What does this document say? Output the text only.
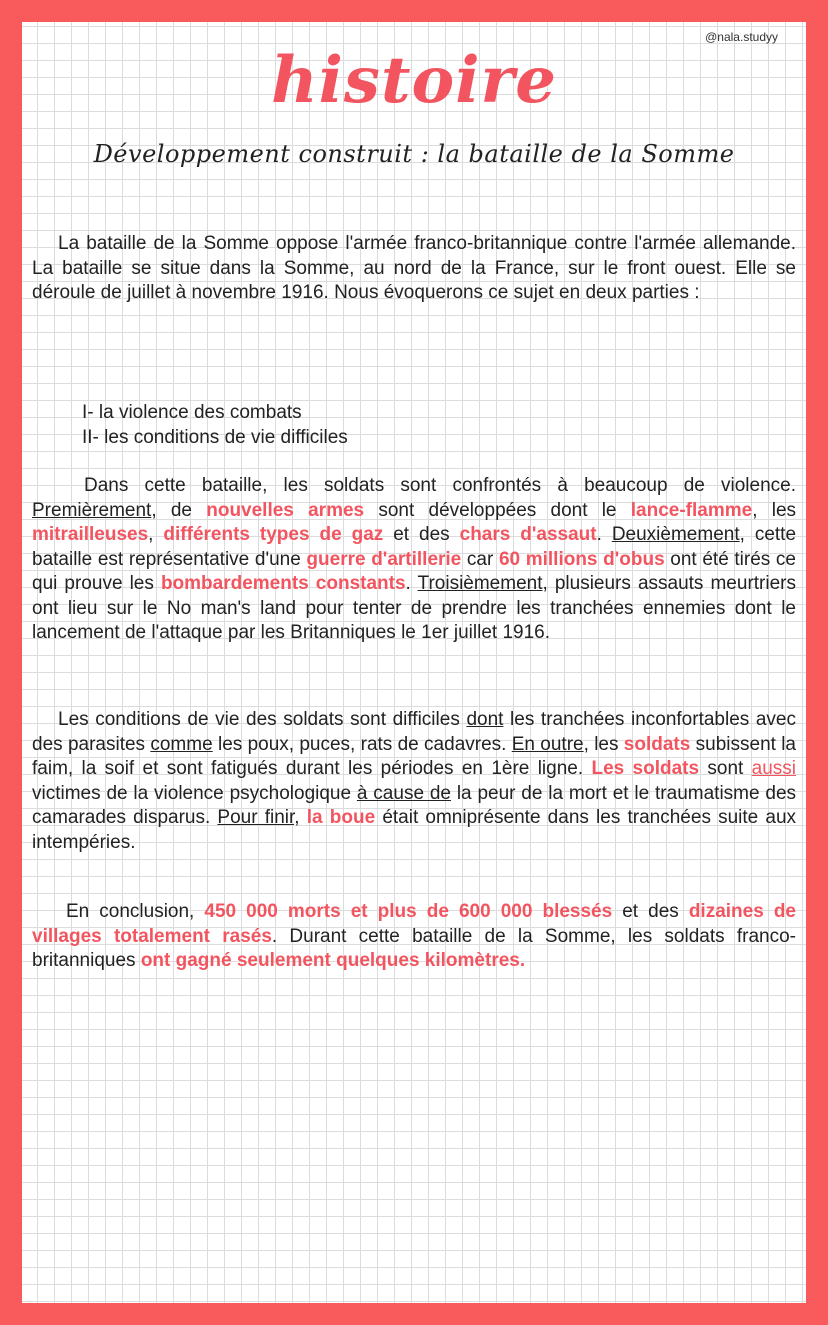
@nala.studyy
histoire
Développement construit : la bataille de la Somme

La bataille de la Somme oppose l'armée franco-britannique contre l'armée allemande. La bataille se situe dans la Somme, au nord de la France, sur le front ouest. Elle se déroule de juillet à novembre 1916. Nous évoquerons ce sujet en deux parties :

I- la violence des combats
II- les conditions de vie difficiles

Dans cette bataille, les soldats sont confrontés à beaucoup de violence. Premièrement, de nouvelles armes sont développées dont le lance-flamme, les mitrailleuses, différents types de gaz et des chars d'assaut. Deuxièmement, cette bataille est représentative d'une guerre d'artillerie car 60 millions d'obus ont été tirés ce qui prouve les bombardements constants. Troisièmement, plusieurs assauts meurtriers ont lieu sur le No man's land pour tenter de prendre les tranchées ennemies dont le lancement de l'attaque par les Britanniques le 1er juillet 1916.

Les conditions de vie des soldats sont difficiles dont les tranchées inconfortables avec des parasites comme les poux, puces, rats de cadavres. En outre, les soldats subissent la faim, la soif et sont fatigués durant les périodes en 1ère ligne. Les soldats sont aussi victimes de la violence psychologique à cause de la peur de la mort et le traumatisme des camarades disparus. Pour finir, la boue était omniprésente dans les tranchées suite aux intempéries.

En conclusion, 450 000 morts et plus de 600 000 blessés et des dizaines de villages totalement rasés. Durant cette bataille de la Somme, les soldats franco-britanniques ont gagné seulement quelques kilomètres.
